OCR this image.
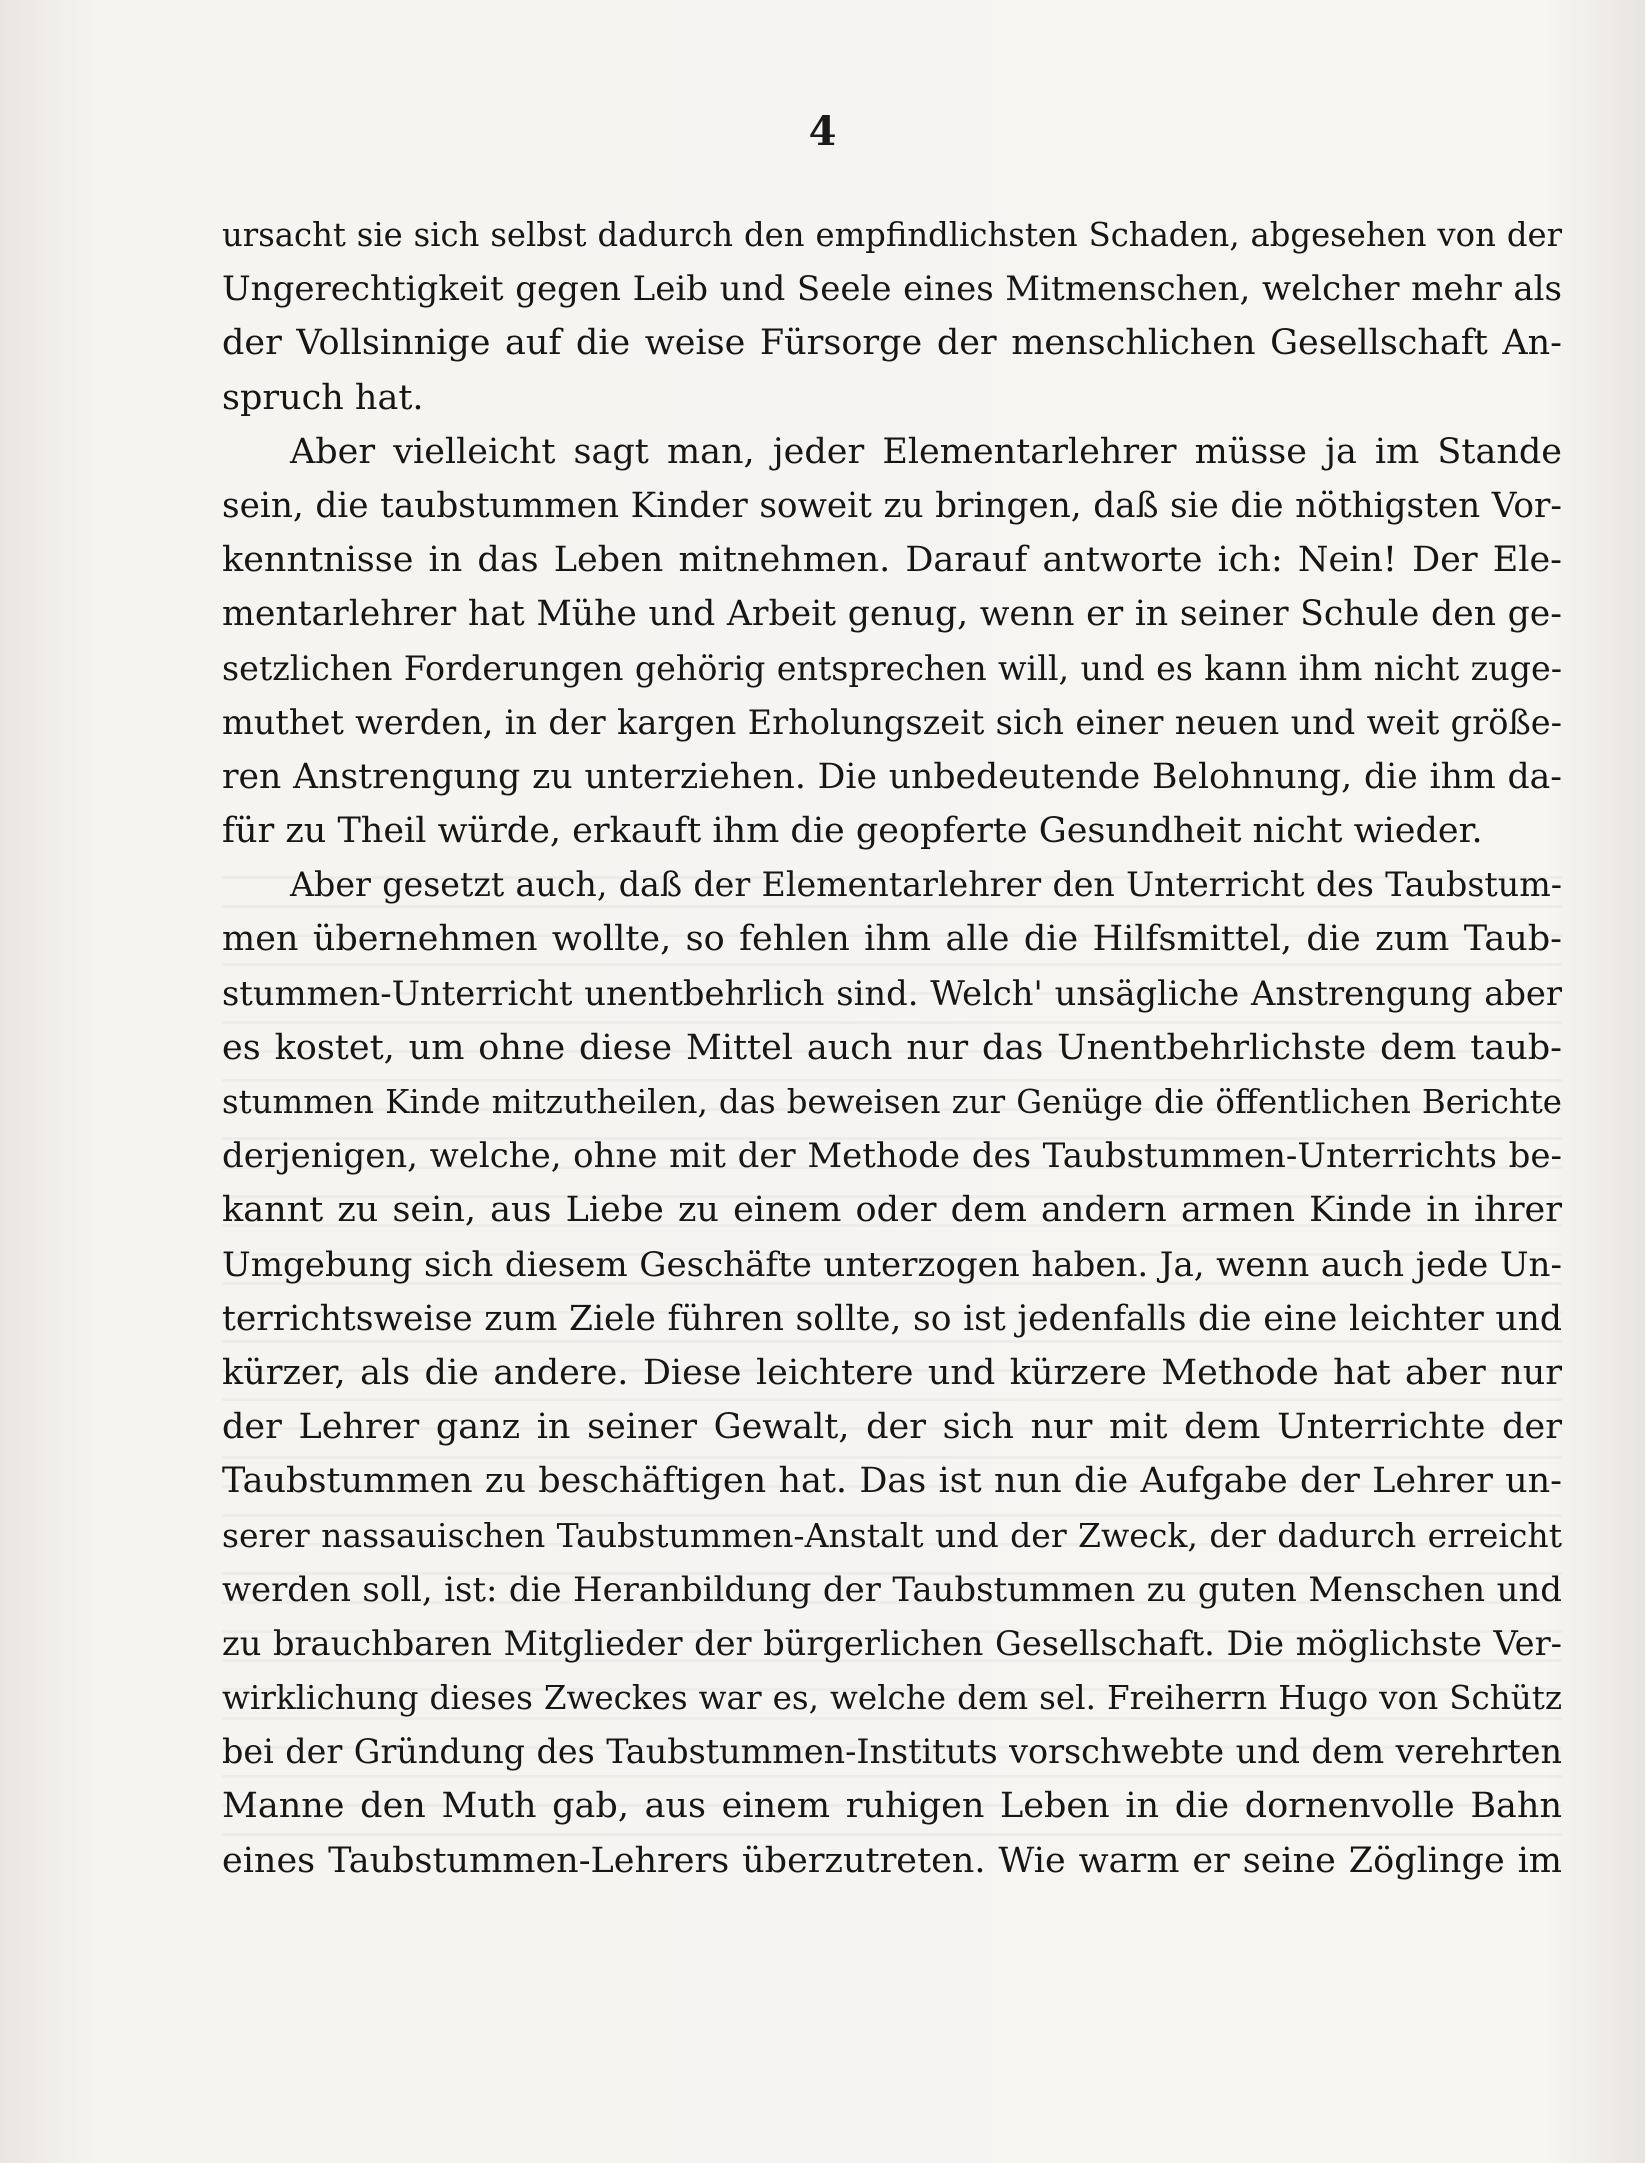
4
ursacht sie sich selbst dadurch den empfindlichsten Schaden, abgesehen von der
Ungerechtigkeit gegen Leib und Seele eines Mitmenschen, welcher mehr als
der Vollsinnige auf die weise Fürsorge der menschlichen Gesellschaft An-
spruch hat.
Aber vielleicht sagt man, jeder Elementarlehrer müsse ja im Stande
sein, die taubstummen Kinder soweit zu bringen, daß sie die nöthigsten Vor-
kenntnisse in das Leben mitnehmen. Darauf antworte ich: Nein! Der Ele-
mentarlehrer hat Mühe und Arbeit genug, wenn er in seiner Schule den ge-
setzlichen Forderungen gehörig entsprechen will, und es kann ihm nicht zuge-
muthet werden, in der kargen Erholungszeit sich einer neuen und weit größe-
ren Anstrengung zu unterziehen. Die unbedeutende Belohnung, die ihm da-
für zu Theil würde, erkauft ihm die geopferte Gesundheit nicht wieder.
Aber gesetzt auch, daß der Elementarlehrer den Unterricht des Taubstum-
men übernehmen wollte, so fehlen ihm alle die Hilfsmittel, die zum Taub-
stummen-Unterricht unentbehrlich sind. Welch' unsägliche Anstrengung aber
es kostet, um ohne diese Mittel auch nur das Unentbehrlichste dem taub-
stummen Kinde mitzutheilen, das beweisen zur Genüge die öffentlichen Berichte
derjenigen, welche, ohne mit der Methode des Taubstummen-Unterrichts be-
kannt zu sein, aus Liebe zu einem oder dem andern armen Kinde in ihrer
Umgebung sich diesem Geschäfte unterzogen haben. Ja, wenn auch jede Un-
terrichtsweise zum Ziele führen sollte, so ist jedenfalls die eine leichter und
kürzer, als die andere. Diese leichtere und kürzere Methode hat aber nur
der Lehrer ganz in seiner Gewalt, der sich nur mit dem Unterrichte der
Taubstummen zu beschäftigen hat. Das ist nun die Aufgabe der Lehrer un-
serer nassauischen Taubstummen-Anstalt und der Zweck, der dadurch erreicht
werden soll, ist: die Heranbildung der Taubstummen zu guten Menschen und
zu brauchbaren Mitglieder der bürgerlichen Gesellschaft. Die möglichste Ver-
wirklichung dieses Zweckes war es, welche dem sel. Freiherrn Hugo von Schütz
bei der Gründung des Taubstummen-Instituts vorschwebte und dem verehrten
Manne den Muth gab, aus einem ruhigen Leben in die dornenvolle Bahn
eines Taubstummen-Lehrers überzutreten. Wie warm er seine Zöglinge im
